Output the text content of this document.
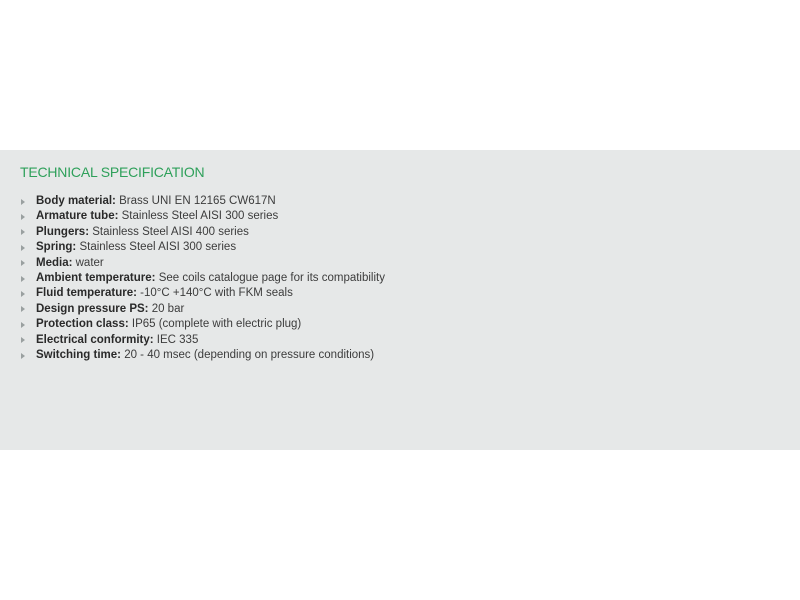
TECHNICAL SPECIFICATION
Body material:
Brass UNI EN 12165 CW617N
Armature tube:
Stainless Steel AISI 300 series
Plungers:
Stainless Steel AISI 400 series
Spring:
Stainless Steel AISI 300 series
Media:
water
Ambient temperature:
See coils catalogue page for its compatibility
Fluid temperature:
-10°C +140°C with FKM seals
Design pressure PS:
20 bar
Protection class:
IP65 (complete with electric plug)
Electrical conformity:
IEC 335
Switching time:
20 - 40 msec (depending on pressure conditions)
